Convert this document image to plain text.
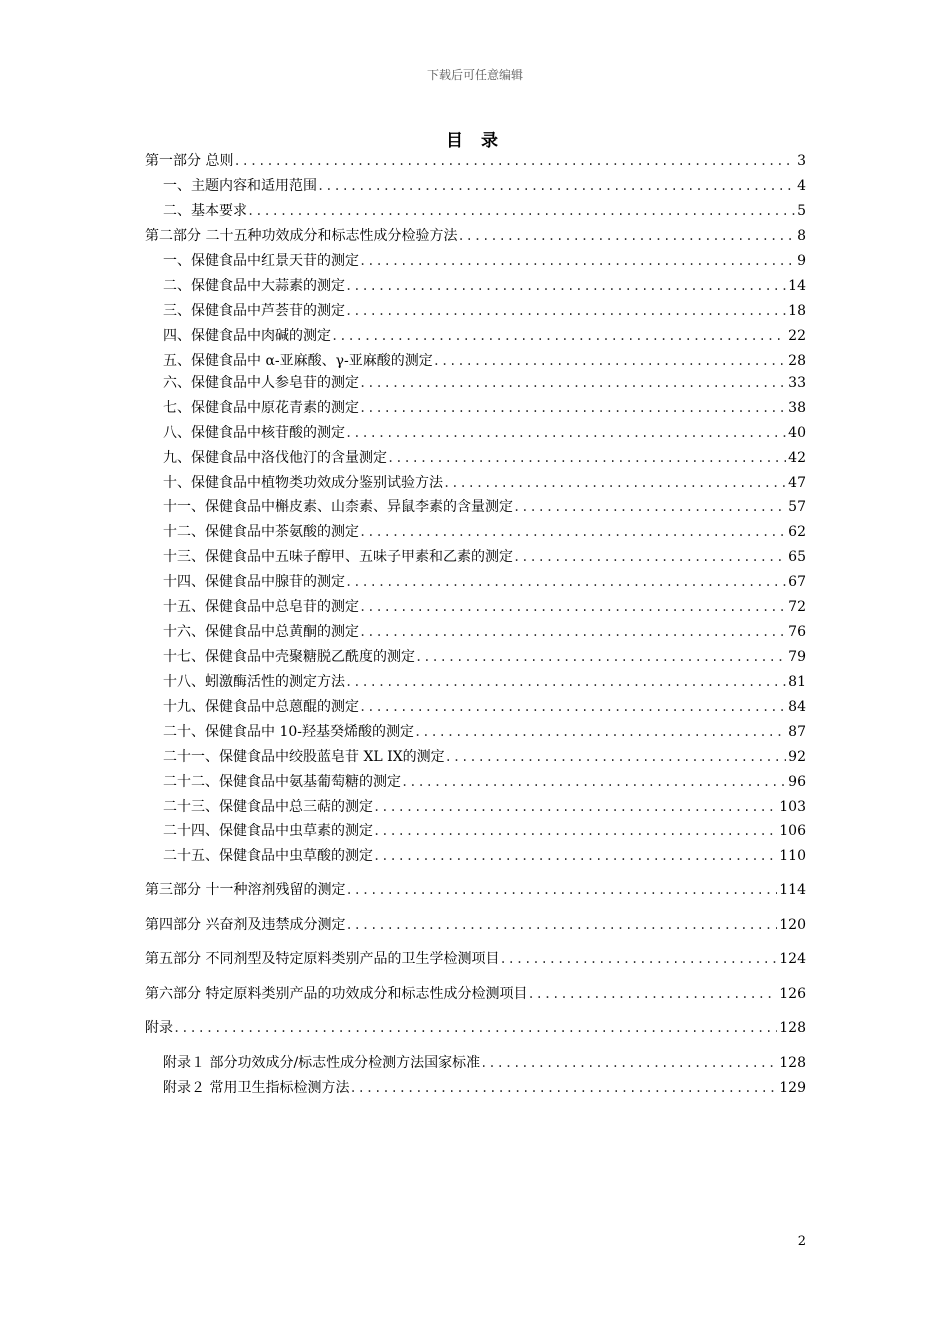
下载后可任意编辑
目 录
第一部分 总则 .....	3
一、主题内容和适用范围 .....	4
二、基本要求 .....	5
第二部分 二十五种功效成分和标志性成分检验方法 .....	8
一、保健食品中红景天苷的测定 .....	9
二、保健食品中大蒜素的测定 .....	14
三、保健食品中芦荟苷的测定 .....	18
四、保健食品中肉碱的测定 .....	22
五、保健食品中 α-亚麻酸、γ-亚麻酸的测定 .....	28
六、保健食品中人参皂苷的测定 .....	33
七、保健食品中原花青素的测定 .....	38
八、保健食品中核苷酸的测定 .....	40
九、保健食品中洛伐他汀的含量测定 .....	42
十、保健食品中植物类功效成分鉴别试验方法 .....	47
十一、保健食品中槲皮素、山柰素、异鼠李素的含量测定 .....	57
十二、保健食品中茶氨酸的测定 .....	62
十三、保健食品中五味子醇甲、五味子甲素和乙素的测定 .....	65
十四、保健食品中腺苷的测定 .....	67
十五、保健食品中总皂苷的测定 .....	72
十六、保健食品中总黄酮的测定 .....	76
十七、保健食品中壳聚糖脱乙酰度的测定 .....	79
十八、蚓激酶活性的测定方法 .....	81
十九、保健食品中总蒽醌的测定 .....	84
二十、保健食品中 10-羟基癸烯酸的测定 .....	87
二十一、保健食品中绞股蓝皂苷 XL IX的测定 .....	92
二十二、保健食品中氨基葡萄糖的测定 .....	96
二十三、保健食品中总三萜的测定 .....	103
二十四、保健食品中虫草素的测定 .....	106
二十五、保健食品中虫草酸的测定 .....	110
第三部分 十一种溶剂残留的测定 .....	114
第四部分 兴奋剂及违禁成分测定 .....	120
第五部分 不同剂型及特定原料类别产品的卫生学检测项目 .....	124
第六部分 特定原料类别产品的功效成分和标志性成分检测项目 .....	126
附录 .....	128
附录１ 部分功效成分/标志性成分检测方法国家标准 .....	128
附录２ 常用卫生指标检测方法 .....	129
2
